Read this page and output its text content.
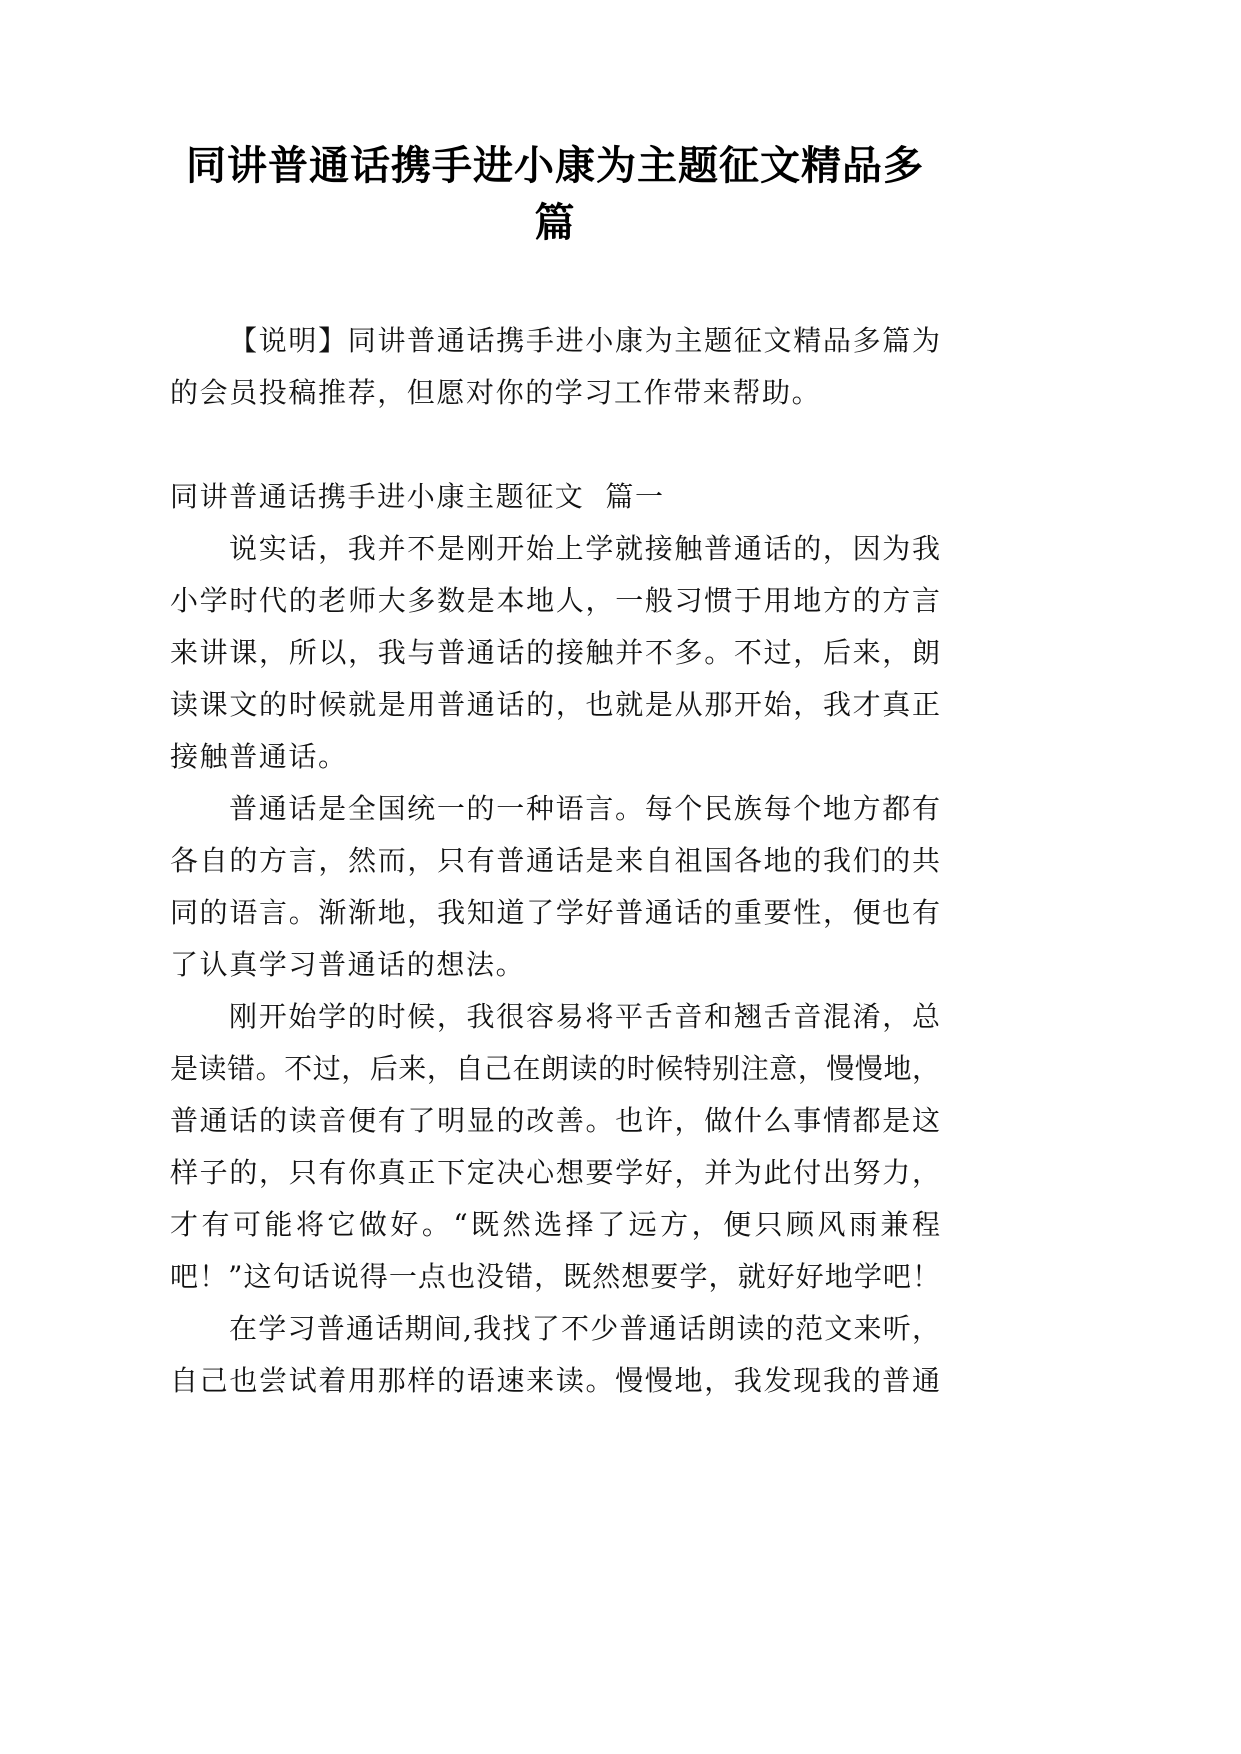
同讲普通话携手进小康为主题征文精品多篇
【说明】同讲普通话携手进小康为主题征文精品多篇为
的会员投稿推荐，但愿对你的学习工作带来帮助。
同讲普通话携手进小康主题征文  篇一
说实话，我并不是刚开始上学就接触普通话的，因为我
小学时代的老师大多数是本地人，一般习惯于用地方的方言
来讲课，所以，我与普通话的接触并不多。不过，后来，朗
读课文的时候就是用普通话的，也就是从那开始，我才真正
接触普通话。
普通话是全国统一的一种语言。每个民族每个地方都有
各自的方言，然而，只有普通话是来自祖国各地的我们的共
同的语言。渐渐地，我知道了学好普通话的重要性，便也有
了认真学习普通话的想法。
刚开始学的时候，我很容易将平舌音和翘舌音混淆，总
是读错。不过，后来，自己在朗读的时候特别注意，慢慢地，
普通话的读音便有了明显的改善。也许，做什么事情都是这
样子的，只有你真正下定决心想要学好，并为此付出努力，
才有可能将它做好。“既然选择了远方，便只顾风雨兼程
吧！”这句话说得一点也没错，既然想要学，就好好地学吧！
在学习普通话期间,我找了不少普通话朗读的范文来听，
自己也尝试着用那样的语速来读。慢慢地，我发现我的普通
